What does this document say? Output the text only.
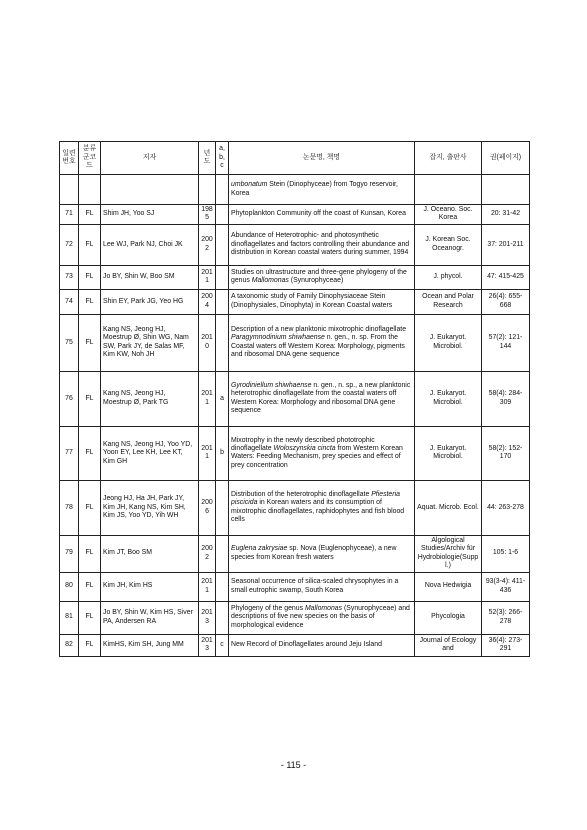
일련번호	분류군코드	저자	년도	a, b, c	논문명, 책명	잡지, 출판사	권(페이지)
					umbonatum Stein (Dinophyceae) from Togyo reservoir, Korea		
71	FL	Shim JH, Yoo SJ	1985		Phytoplankton Community off the coast of Kunsan, Korea	J. Oceano. Soc. Korea	20: 31-42
72	FL	Lee WJ, Park NJ, Choi JK	2002		Abundance of Heterotrophic- and photosynthetic dinoflagellates and factors controlling their abundance and distribution in Korean coastal waters during summer, 1994	J. Korean Soc. Oceanogr.	37: 201-211
73	FL	Jo BY, Shin W, Boo SM	2011		Studies on ultrastructure and three-gene phylogeny of the genus Mallomonas (Synurophyceae)	J. phycol.	47: 415-425
74	FL	Shin EY, Park JG, Yeo HG	2004		A taxonomic study of Family Dinophysiaceae Stein (Dinophysiales, Dinophyta) in Korean Coastal waters	Ocean and Polar Research	26(4): 655-668
75	FL	Kang NS, Jeong HJ, Moestrup Ø, Shin WG, Nam SW, Park JY, de Salas MF, Kim KW, Noh JH	2010		Description of a new planktonic mixotrophic dinoflagellate Paragymnodinium shiwhaense n. gen., n. sp. From the Coastal waters off Western Korea: Morphology, pigments and ribosomal DNA gene sequence	J. Eukaryot. Microbiol.	57(2): 121-144
76	FL	Kang NS, Jeong HJ, Moestrup Ø, Park TG	2011	a	Gyrodiniellum shiwhaense n. gen., n. sp., a new planktonic heterotrophic dinoflagellate from the coastal waters off Western Korea: Morphology and ribosomal DNA gene sequence	J. Eukaryot. Microbiol.	58(4): 284-309
77	FL	Kang NS, Jeong HJ, Yoo YD, Yoon EY, Lee KH, Lee KT, Kim GH	2011	b	Mixotrophy in the newly described phototrophic dinoflagellate Woloszynskia cincta from Western Korean Waters: Feeding Mechanism, prey species and effect of prey concentration	J. Eukaryot. Microbiol.	58(2): 152-170
78	FL	Jeong HJ, Ha JH, Park JY, Kim JH, Kang NS, Kim SH, Kim JS, Yoo YD, Yih WH	2006		Distribution of the heterotrophic dinoflagellate Pfiesteria piscicida in Korean waters and its consumption of mixotrophic dinoflagellates, raphidophytes and fish blood cells	Aquat. Microb. Ecol.	44: 263-278
79	FL	Kim JT, Boo SM	2002		Euglena zakrysiae sp. Nova (Euglenophyceae), a new species from Korean fresh waters	Algological Studies/Archiv für Hydrobiologie(Suppl.)	105: 1-6
80	FL	Kim JH, Kim HS	2011		Seasonal occurrence of silica-scaled chrysophytes in a small eutrophic swamp, South Korea	Nova Hedwigia	93(3-4): 411-436
81	FL	Jo BY, Shin W, Kim HS, Siver PA, Andersen RA	2013		Phylogeny of the genus Mallomonas (Synurophyceae) and descriptions of five new species on the basis of morphological evidence	Phycologia	52(3): 266-278
82	FL	KimHS, Kim SH, Jung MM	2013	c	New Record of Dinoflagellates around Jeju Island	Journal of Ecology and	36(4): 273-291
- 115 -
